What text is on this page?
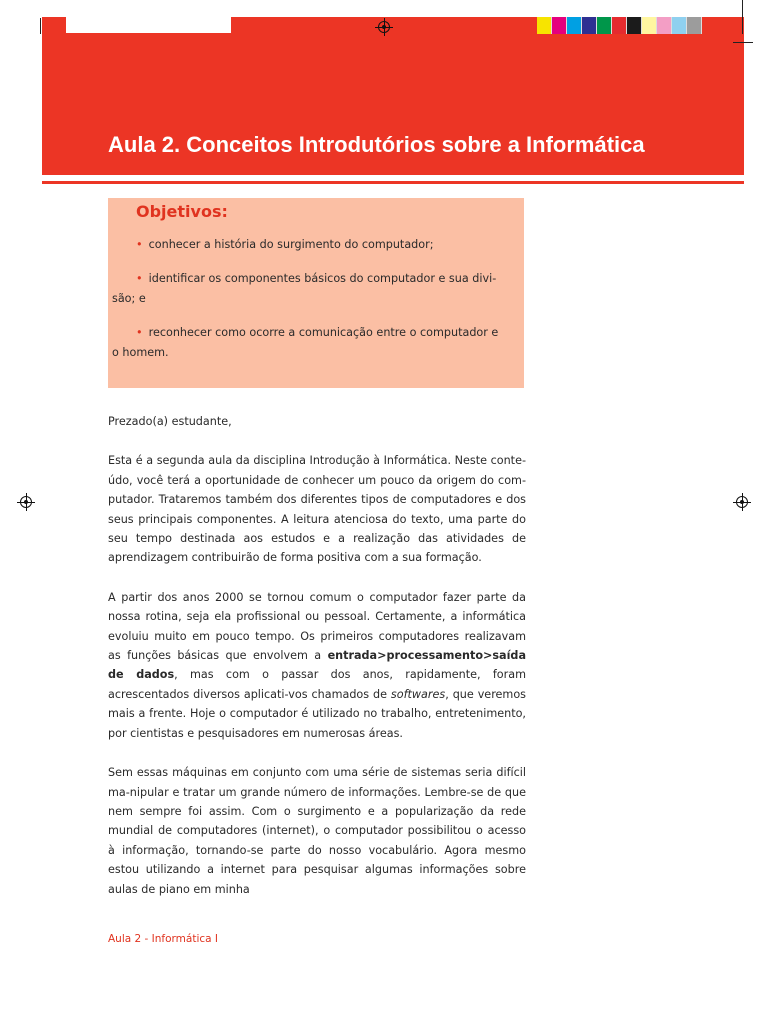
Aula 2. Conceitos Introdutórios sobre a Informática
Objetivos:
• conhecer a história do surgimento do computador;
• identificar os componentes básicos do computador e sua divi-são; e
• reconhecer como ocorre a comunicação entre o computador e o homem.

Prezado(a) estudante,

Esta é a segunda aula da disciplina Introdução à Informática. Neste conte-údo, você terá a oportunidade de conhecer um pouco da origem do com-putador. Trataremos também dos diferentes tipos de computadores e dos seus principais componentes. A leitura atenciosa do texto, uma parte do seu tempo destinada aos estudos e a realização das atividades de aprendizagem contribuirão de forma positiva com a sua formação.

A partir dos anos 2000 se tornou comum o computador fazer parte da nossa rotina, seja ela profissional ou pessoal. Certamente, a informática evoluiu muito em pouco tempo. Os primeiros computadores realizavam as funções básicas que envolvem a entrada>processamento>saída de dados, mas com o passar dos anos, rapidamente, foram acrescentados diversos aplicati-vos chamados de softwares, que veremos mais a frente. Hoje o computador é utilizado no trabalho, entretenimento, por cientistas e pesquisadores em numerosas áreas.

Sem essas máquinas em conjunto com uma série de sistemas seria difícil ma-nipular e tratar um grande número de informações. Lembre-se de que nem sempre foi assim. Com o surgimento e a popularização da rede mundial de computadores (internet), o computador possibilitou o acesso à informação, tornando-se parte do nosso vocabulário. Agora mesmo estou utilizando a internet para pesquisar algumas informações sobre aulas de piano em minha

Aula 2 - Informática I
